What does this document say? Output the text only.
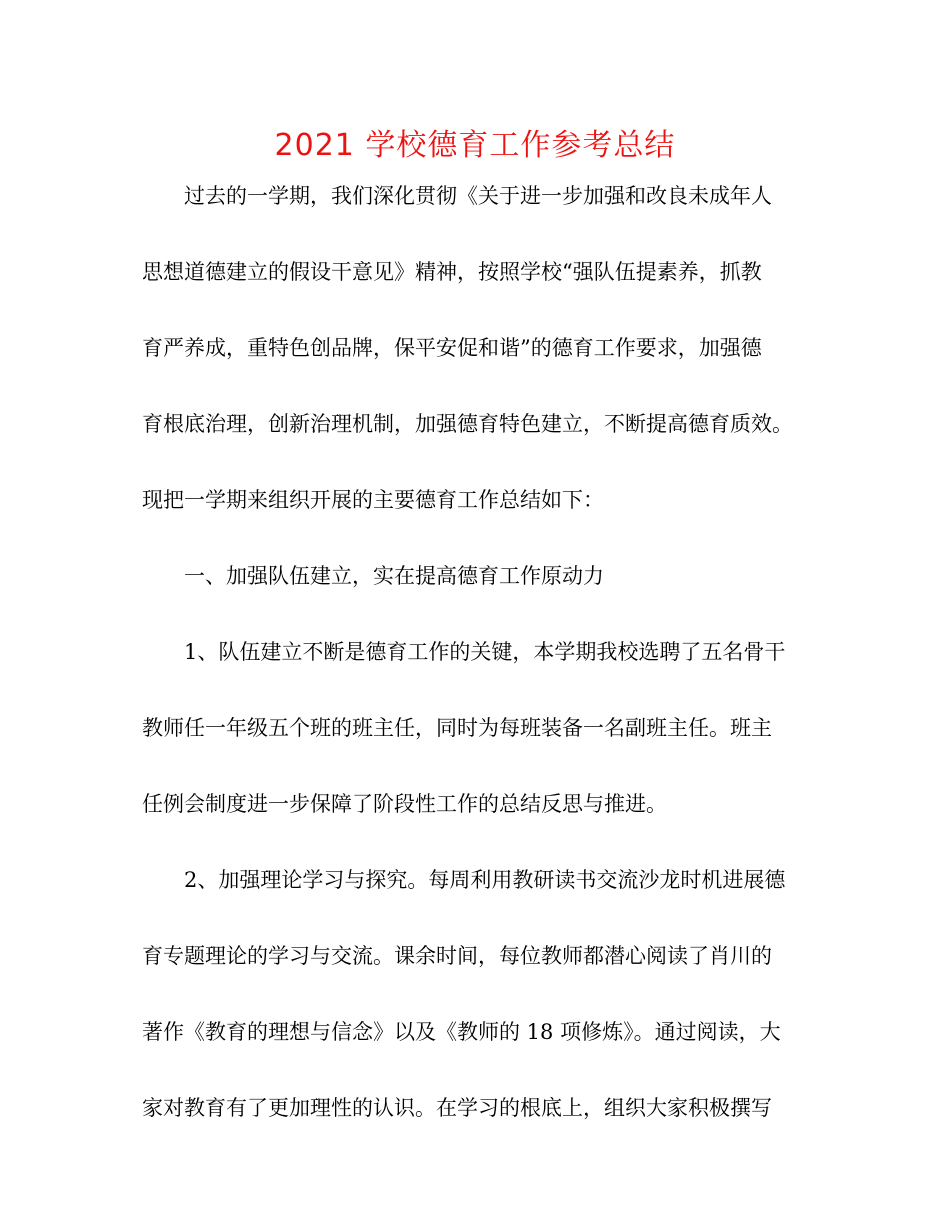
2021 学校德育工作参考总结
过去的一学期，我们深化贯彻《关于进一步加强和改良未成年人
思想道德建立的假设干意见》精神，按照学校“强队伍提素养，抓教
育严养成，重特色创品牌，保平安促和谐”的德育工作要求，加强德
育根底治理，创新治理机制，加强德育特色建立，不断提高德育质效。
现把一学期来组织开展的主要德育工作总结如下：
一、加强队伍建立，实在提高德育工作原动力
1、队伍建立不断是德育工作的关键，本学期我校选聘了五名骨干
教师任一年级五个班的班主任，同时为每班装备一名副班主任。班主
任例会制度进一步保障了阶段性工作的总结反思与推进。
2、加强理论学习与探究。每周利用教研读书交流沙龙时机进展德
育专题理论的学习与交流。课余时间，每位教师都潜心阅读了肖川的
著作《教育的理想与信念》以及《教师的 18 项修炼》。通过阅读，大
家对教育有了更加理性的认识。在学习的根底上，组织大家积极撰写
